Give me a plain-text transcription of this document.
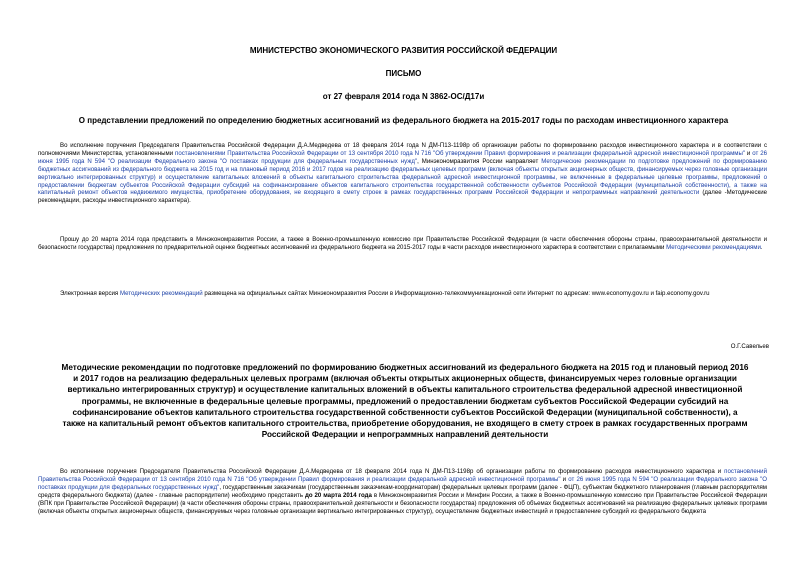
МИНИСТЕРСТВО ЭКОНОМИЧЕСКОГО РАЗВИТИЯ РОССИЙСКОЙ ФЕДЕРАЦИИ
ПИСЬМО
от 27 февраля 2014 года N 3862-ОС/Д17и
О представлении предложений по определению бюджетных ассигнований из федерального бюджета на 2015-2017 годы по расходам инвестиционного характера
Во исполнение поручения Председателя Правительства Российской Федерации Д.А.Медведева от 18 февраля 2014 года N ДМ-П13-1198р об организации работы по формированию расходов инвестиционного характера и в соответствии с полномочиями Министерства, установленными постановлениями Правительства Российской Федерации от 13 сентября 2010 года N 716 "Об утверждении Правил формирования и реализации федеральной адресной инвестиционной программы" и от 26 июня 1995 года N 594 "О реализации Федерального закона "О поставках продукции для федеральных государственных нужд", Минэкономразвития России направляет Методические рекомендации по подготовке предложений по формированию бюджетных ассигнований из федерального бюджета на 2015 год и на плановый период 2016 и 2017 годов на реализацию федеральных целевых программ (включая объекты открытых акционерных обществ, финансируемых через головные организации вертикально интегрированных структур) и осуществление капитальных вложений в объекты капитального строительства федеральной адресной инвестиционной программы, не включенные в федеральные целевые программы, предложений о предоставлении бюджетам субъектов Российской Федерации субсидий на софинансирование объектов капитального строительства государственной собственности субъектов Российской Федерации (муниципальной собственности), а также на капитальный ремонт объектов недвижимого имущества, приобретение оборудования, не входящего в смету строек в рамках государственных программ Российской Федерации и непрограммных направлений деятельности (далее -Методические рекомендации, расходы инвестиционного характера).
Прошу до 20 марта 2014 года представить в Минэкономразвития России, а также в Военно-промышленную комиссию при Правительстве Российской Федерации (в части обеспечения обороны страны, правоохранительной деятельности и безопасности государства) предложения по предварительной оценке бюджетных ассигнований из федерального бюджета на 2015-2017 годы в части расходов инвестиционного характера в соответствии с прилагаемыми Методическими рекомендациями.
Электронная версия Методических рекомендаций размещена на официальных сайтах Минэкономразвития России в Информационно-телекоммуникационной сети Интернет по адресам: www.economy.gov.ru и faip.economy.gov.ru
О.Г.Савельев
Методические рекомендации по подготовке предложений по формированию бюджетных ассигнований из федерального бюджета на 2015 год и плановый период 2016 и 2017 годов на реализацию федеральных целевых программ (включая объекты открытых акционерных обществ, финансируемых через головные организации вертикально интегрированных структур) и осуществление капитальных вложений в объекты капитального строительства федеральной адресной инвестиционной программы, не включенные в федеральные целевые программы, предложений о предоставлении бюджетам субъектов Российской Федерации субсидий на софинансирование объектов капитального строительства государственной собственности субъектов Российской Федерации (муниципальной собственности), а также на капитальный ремонт объектов капитального строительства, приобретение оборудования, не входящего в смету строек в рамках государственных программ Российской Федерации и непрограммных направлений деятельности
Во исполнение поручения Председателя Правительства Российской Федерации Д.А.Медведева от 18 февраля 2014 года N ДМ-П13-1198р об организации работы по формированию расходов инвестиционного характера и постановлений Правительства Российской Федерации от 13 сентября 2010 года N 716 "Об утверждении Правил формирования и реализации федеральной адресной инвестиционной программы" и от 26 июня 1995 года N 594 "О реализации Федерального закона "О поставках продукции для федеральных государственных нужд", государственным заказчикам (государственным заказчикам-координаторам) федеральных целевых программ (далее - ФЦП), субъектам бюджетного планирования (главным распорядителям средств федерального бюджета) (далее - главные распорядители) необходимо представить до 20 марта 2014 года в Минэкономразвития России и Минфин России, а также в Военно-промышленную комиссию при Правительстве Российской Федерации (ВПК при Правительстве Российской Федерации) (в части обеспечения обороны страны, правоохранительной деятельности и безопасности государства) предложения об объемах бюджетных ассигнований на реализацию федеральных целевых программ (включая объекты открытых акционерных обществ, финансируемых через головные организации вертикально интегрированных структур), осуществление бюджетных инвестиций и предоставление субсидий из федерального бюджета
